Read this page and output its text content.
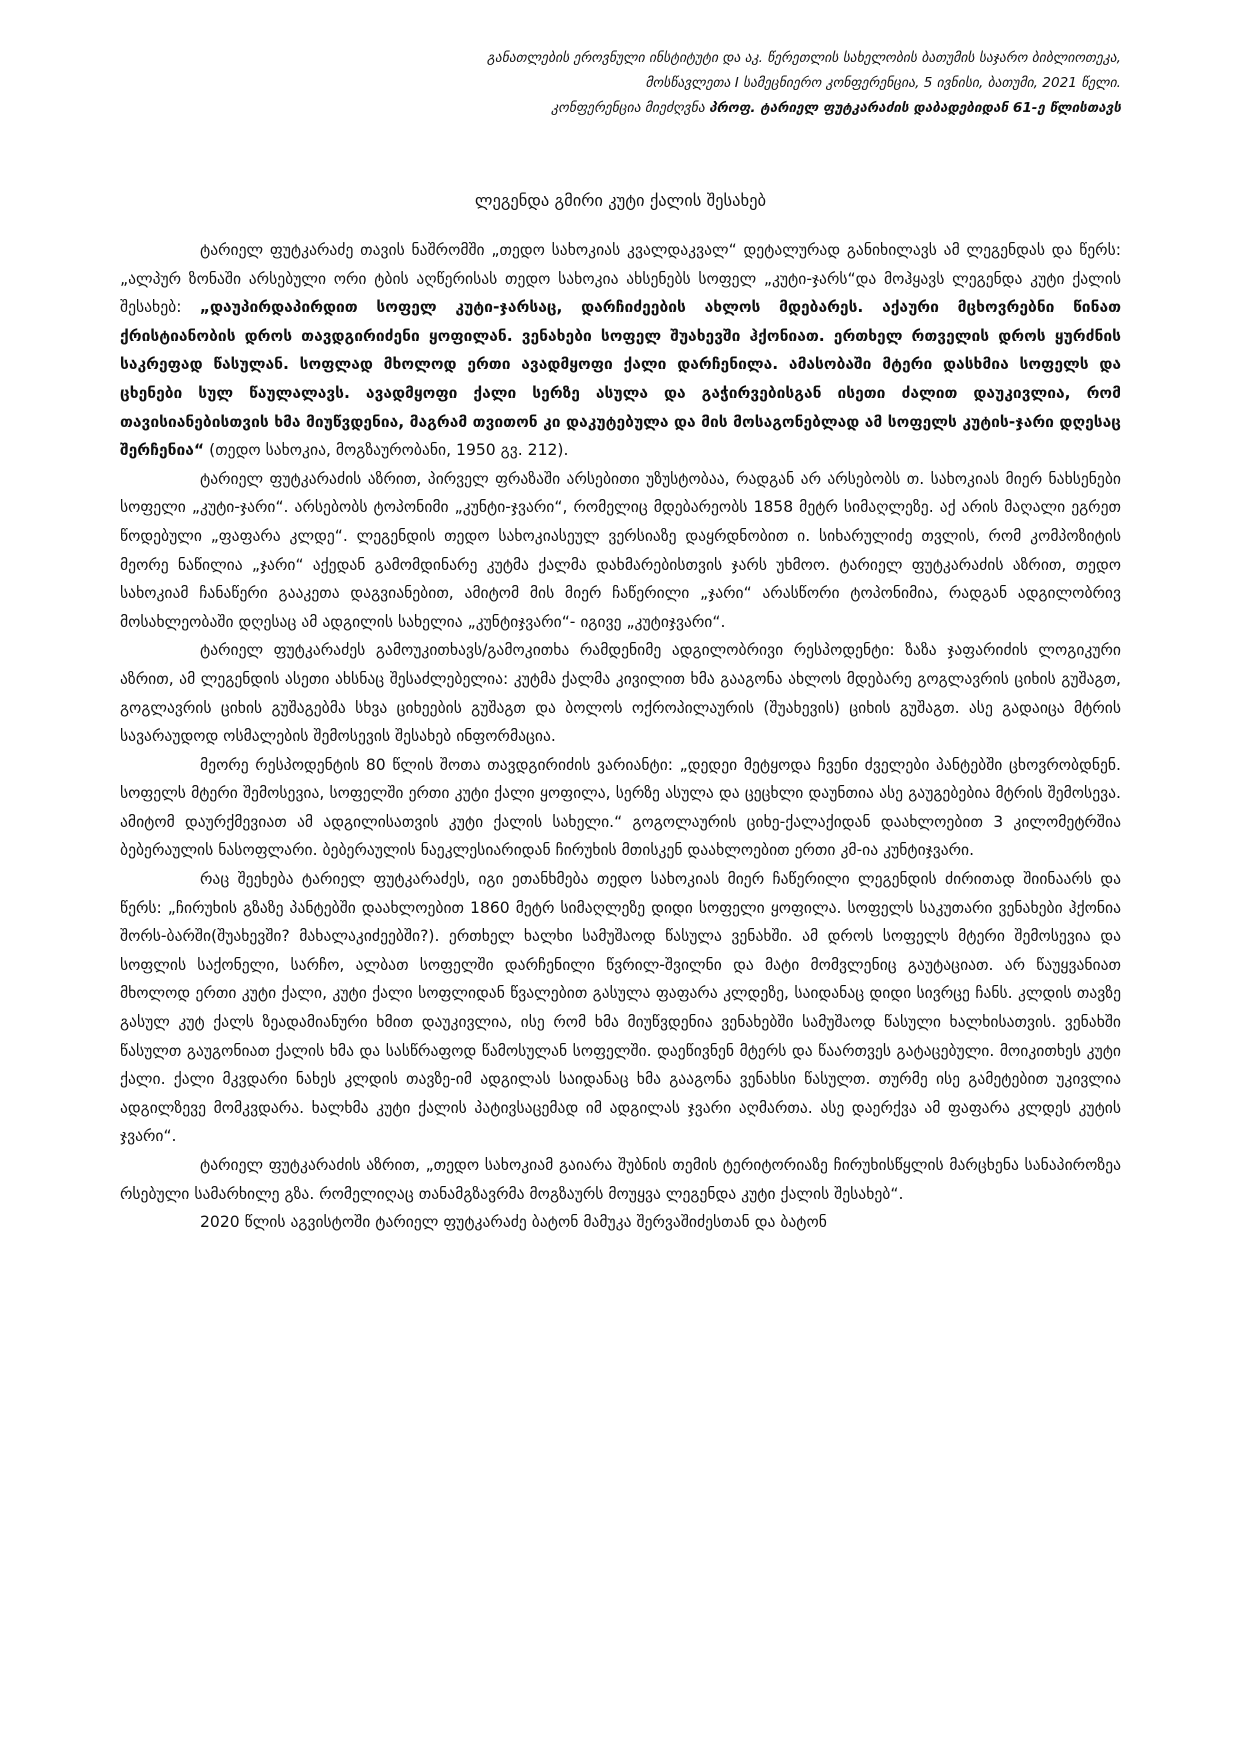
განათლების ეროვნული ინსტიტუტი და აკ. წერეთლის სახელობის ბათუმის საჯარო ბიბლიოთეკა,
მოსწავლეთა I სამეცნიერო კონფერენცია, 5 ივნისი, ბათუმი, 2021 წელი.
კონფერენცია მიეძღვნა პროფ. ტარიელ ფუტკარაძის დაბადებიდან 61-ე წლისთავს
ლეგენდა გმირი კუტი ქალის შესახებ

ტარიელ ფუტკარაძე თავის ნაშრომში „თედო სახოკიას კვალდაკვალ“ დეტალურად განიხილავს ამ ლეგენდას და წერს: „ალპურ ზონაში არსებული ორი ტბის აღწერისას თედო სახოკია ახსენებს სოფელ „კუტი-ჯარს“და მოჰყავს ლეგენდა კუტი ქალის შესახებ: „დაუპირდაპირდით სოფელ კუტი-ჯარსაც, დარჩიძეების ახლოს მდებარეს. აქაური მცხოვრებნი წინათ ქრისტიანობის დროს თავდგირიძენი ყოფილან. ვენახები სოფელ შუახევში ჰქონიათ. ერთხელ რთველის დროს ყურძნის საკრეფად წასულან. სოფლად მხოლოდ ერთი ავადმყოფი ქალი დარჩენილა. ამასობაში მტერი დასხმია სოფელს და ცხენები სულ წაულალავს. ავადმყოფი ქალი სერზე ასულა და გაჭირვებისგან ისეთი ძალით დაუკივლია, რომ თავისიანებისთვის ხმა მიუწვდენია, მაგრამ თვითონ კი დაკუტებულა და მის მოსაგონებლად ამ სოფელს კუტის-ჯარი დღესაც შერჩენია“ (თედო სახოკია, მოგზაურობანი, 1950 გვ. 212).

ტარიელ ფუტკარაძის აზრით, პირველ ფრაზაში არსებითი უზუსტობაა, რადგან არ არსებობს თ. სახოკიას მიერ ნახსენები სოფელი „კუტი-ჯარი“. არსებობს ტოპონიმი „კუნტი-ჯვარი“, რომელიც მდებარეობს 1858 მეტრ სიმაღლეზე. აქ არის მაღალი ეგრეთ წოდებული „ფაფარა კლდე“. ლეგენდის თედო სახოკიასეულ ვერსიაზე დაყრდნობით ი. სიხარულიძე თვლის, რომ კომპოზიტის მეორე ნაწილია „ჯარი“ აქედან გამომდინარე კუტმა ქალმა დახმარებისთვის ჯარს უხმოო. ტარიელ ფუტკარაძის აზრით, თედო სახოკიამ ჩანაწერი გააკეთა დაგვიანებით, ამიტომ მის მიერ ჩაწერილი „ჯარი“ არასწორი ტოპონიმია, რადგან ადგილობრივ მოსახლეობაში დღესაც ამ ადგილის სახელია „კუნტიჯვარი“- იგივე „კუტიჯვარი“.

ტარიელ ფუტკარაძეს გამოუკითხავს/გამოკითხა რამდენიმე ადგილობრივი რესპოდენტი: ზაზა ჯაფარიძის ლოგიკური აზრით, ამ ლეგენდის ასეთი ახსნაც შესაძლებელია: კუტმა ქალმა კივილით ხმა გააგონა ახლოს მდებარე გოგლავრის ციხის გუშაგთ, გოგლავრის ციხის გუშაგებმა სხვა ციხეების გუშაგთ და ბოლოს ოქროპილაურის (შუახევის) ციხის გუშაგთ. ასე გადაიცა მტრის სავარაუდოდ ოსმალების შემოსევის შესახებ ინფორმაცია.

მეორე რესპოდენტის 80 წლის შოთა თავდგირიძის ვარიანტი: „დედეი მეტყოდა ჩვენი ძველები პანტებში ცხოვრობდნენ. სოფელს მტერი შემოსევია, სოფელში ერთი კუტი ქალი ყოფილა, სერზე ასულა და ცეცხლი დაუნთია ასე გაუგებებია მტრის შემოსევა. ამიტომ დაურქმევიათ ამ ადგილისათვის კუტი ქალის სახელი.“ გოგოლაურის ციხე-ქალაქიდან დაახლოებით 3 კილომეტრშია ბებერაულის ნასოფლარი. ბებერაულის ნაეკლესიარიდან ჩირუხის მთისკენ დაახლოებით ერთი კმ-ია კუნტიჯვარი.

რაც შეეხება ტარიელ ფუტკარაძეს, იგი ეთანხმება თედო სახოკიას მიერ ჩაწერილი ლეგენდის ძირითად შიინაარს და წერს: „ჩირუხის გზაზე პანტებში დაახლოებით 1860 მეტრ სიმაღლეზე დიდი სოფელი ყოფილა. სოფელს საკუთარი ვენახები ჰქონია შორს-ბარში(შუახევში? მახალაკიძეებში?). ერთხელ ხალხი სამუშაოდ წასულა ვენახში. ამ დროს სოფელს მტერი შემოსევია და სოფლის საქონელი, სარჩო, ალბათ სოფელში დარჩენილი წვრილ-შვილნი და მატი მომვლენიც გაუტაციათ. არ წაუყვანიათ მხოლოდ ერთი კუტი ქალი, კუტი ქალი სოფლიდან წვალებით გასულა ფაფარა კლდეზე, საიდანაც დიდი სივრცე ჩანს. კლდის თავზე გასულ კუტ ქალს ზეადამიანური ხმით დაუკივლია, ისე რომ ხმა მიუწვდენია ვენახებში სამუშაოდ წასული ხალხისათვის. ვენახში წასულთ გაუგონიათ ქალის ხმა და სასწრაფოდ წამოსულან სოფელში. დაეწივნენ მტერს და წაართვეს გატაცებული. მოიკითხეს კუტი ქალი. ქალი მკვდარი ნახეს კლდის თავზე-იმ ადგილას საიდანაც ხმა გააგონა ვენახსი წასულთ. თურმე ისე გამეტებით უკივლია ადგილზევე მომკვდარა. ხალხმა კუტი ქალის პატივსაცემად იმ ადგილას ჯვარი აღმართა. ასე დაერქვა ამ ფაფარა კლდეს კუტის ჯვარი“.

ტარიელ ფუტკარაძის აზრით, „თედო სახოკიამ გაიარა შუბნის თემის ტერიტორიაზე ჩირუხისწყლის მარცხენა სანაპიროზეა რსებული სამარხილე გზა. რომელიღაც თანამგზავრმა მოგზაურს მოუყვა ლეგენდა კუტი ქალის შესახებ“.

2020 წლის აგვისტოში ტარიელ ფუტკარაძე ბატონ მამუკა შერვაშიძესთან და ბატონ
